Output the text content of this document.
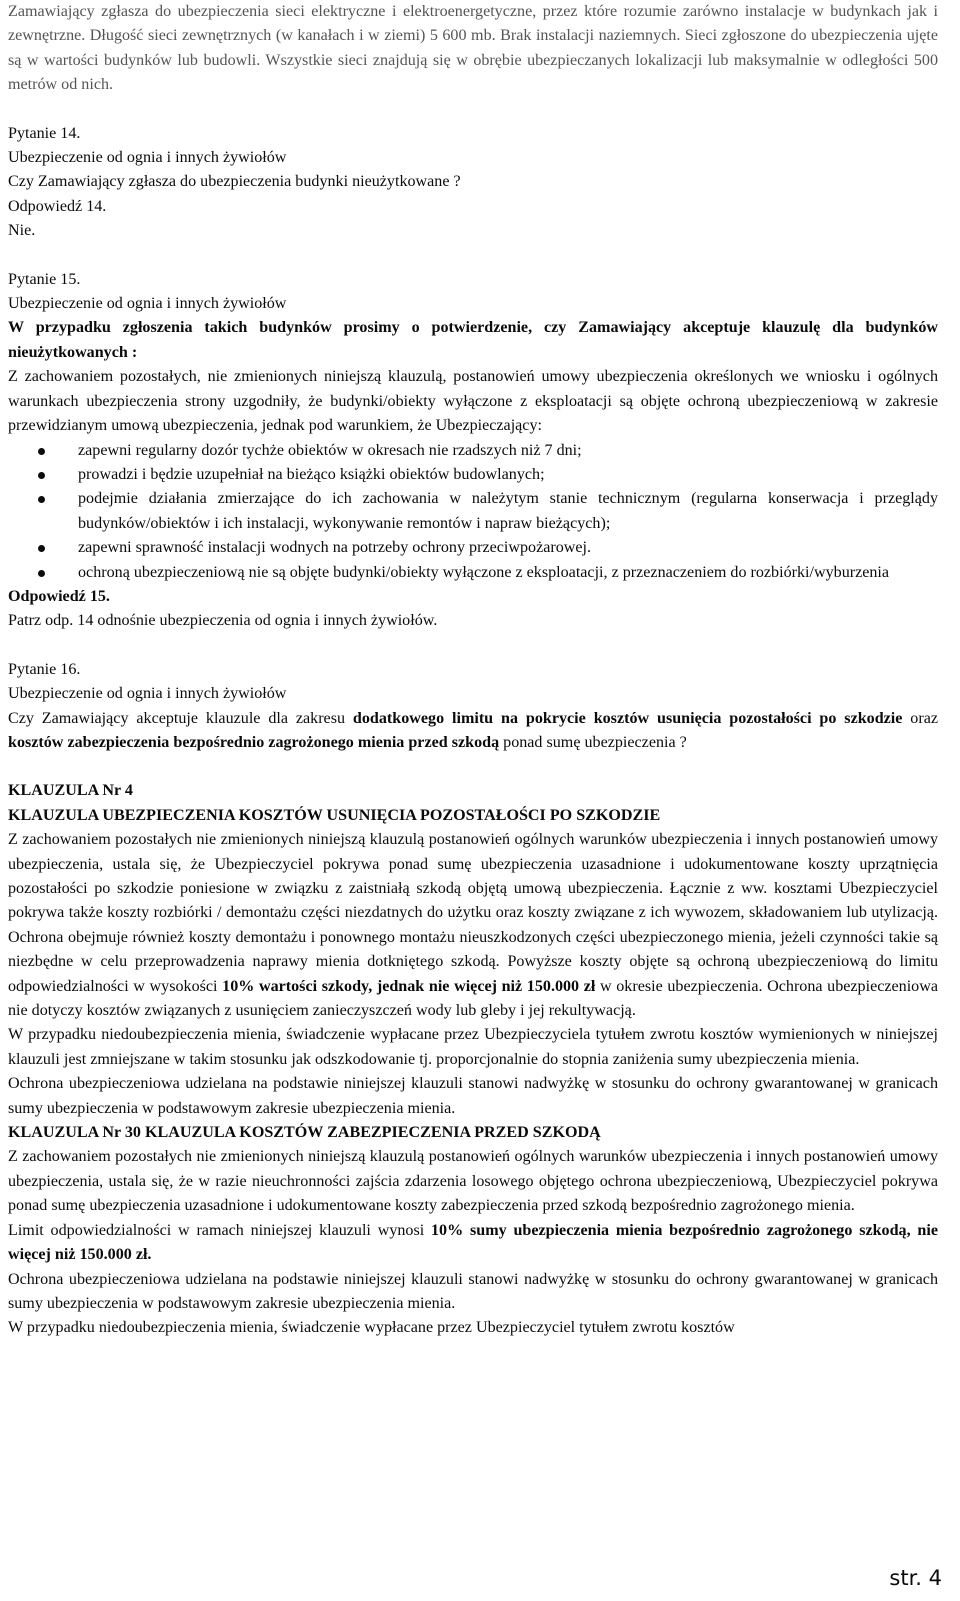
Zamawiający zgłasza do ubezpieczenia sieci elektryczne i elektroenergetyczne, przez które rozumie zarówno instalacje w budynkach jak i zewnętrzne. Długość sieci zewnętrznych (w kanałach i w ziemi) 5 600 mb. Brak instalacji naziemnych. Sieci zgłoszone do ubezpieczenia ujęte są w wartości budynków lub budowli. Wszystkie sieci znajdują się w obrębie ubezpieczanych lokalizacji lub maksymalnie w odległości 500 metrów od nich.

Pytanie 14.

Ubezpieczenie od ognia i innych żywiołów

Czy Zamawiający zgłasza do ubezpieczenia budynki nieużytkowane ?

Odpowiedź 14.

Nie.

Pytanie 15.

Ubezpieczenie od ognia i innych żywiołów

W przypadku zgłoszenia takich budynków prosimy o potwierdzenie, czy Zamawiający akceptuje klauzulę dla budynków nieużytkowanych :

Z zachowaniem pozostałych, nie zmienionych niniejszą klauzulą, postanowień umowy ubezpieczenia określonych we wniosku i ogólnych warunkach ubezpieczenia strony uzgodniły, że budynki/obiekty wyłączone z eksploatacji są objęte ochroną ubezpieczeniową w zakresie przewidzianym umową ubezpieczenia, jednak pod warunkiem, że Ubezpieczający:

zapewni regularny dozór tychże obiektów w okresach nie rzadszych niż 7 dni;
prowadzi i będzie uzupełniał na bieżąco książki obiektów budowlanych;
podejmie działania zmierzające do ich zachowania w należytym stanie technicznym (regularna konserwacja i przeglądy budynków/obiektów i ich instalacji, wykonywanie remontów i napraw bieżących);
zapewni sprawność instalacji wodnych na potrzeby ochrony przeciwpożarowej.
ochroną ubezpieczeniową nie są objęte budynki/obiekty wyłączone z eksploatacji, z przeznaczeniem do rozbiórki/wyburzenia

Odpowiedź 15.

Patrz odp. 14 odnośnie ubezpieczenia od ognia i innych żywiołów.

Pytanie 16.

Ubezpieczenie od ognia i innych żywiołów

Czy Zamawiający akceptuje klauzule dla zakresu dodatkowego limitu na pokrycie kosztów usunięcia pozostałości po szkodzie oraz kosztów zabezpieczenia bezpośrednio zagrożonego mienia przed szkodą ponad sumę ubezpieczenia ?

KLAUZULA Nr 4

KLAUZULA UBEZPIECZENIA KOSZTÓW USUNIĘCIA POZOSTAŁOŚCI PO SZKODZIE

Z zachowaniem pozostałych nie zmienionych niniejszą klauzulą postanowień ogólnych warunków ubezpieczenia i innych postanowień umowy ubezpieczenia, ustala się, że Ubezpieczyciel pokrywa ponad sumę ubezpieczenia uzasadnione i udokumentowane koszty uprzątnięcia pozostałości po szkodzie poniesione w związku z zaistniałą szkodą objętą umową ubezpieczenia. Łącznie z ww. kosztami Ubezpieczyciel pokrywa także koszty rozbiórki / demontażu części niezdatnych do użytku oraz koszty związane z ich wywozem, składowaniem lub utylizacją. Ochrona obejmuje również koszty demontażu i ponownego montażu nieuszkodzonych części ubezpieczonego mienia, jeżeli czynności takie są niezbędne w celu przeprowadzenia naprawy mienia dotkniętego szkodą. Powyższe koszty objęte są ochroną ubezpieczeniową do limitu odpowiedzialności w wysokości 10% wartości szkody, jednak nie więcej niż 150.000 zł w okresie ubezpieczenia. Ochrona ubezpieczeniowa nie dotyczy kosztów związanych z usunięciem zanieczyszczeń wody lub gleby i jej rekultywacją.

W przypadku niedoubezpieczenia mienia, świadczenie wypłacane przez Ubezpieczyciela tytułem zwrotu kosztów wymienionych w niniejszej klauzuli jest zmniejszane w takim stosunku jak odszkodowanie tj. proporcjonalnie do stopnia zaniżenia sumy ubezpieczenia mienia.

Ochrona ubezpieczeniowa udzielana na podstawie niniejszej klauzuli stanowi nadwyżkę w stosunku do ochrony gwarantowanej w granicach sumy ubezpieczenia w podstawowym zakresie ubezpieczenia mienia.

KLAUZULA Nr 30 KLAUZULA KOSZTÓW ZABEZPIECZENIA PRZED SZKODĄ

Z zachowaniem pozostałych nie zmienionych niniejszą klauzulą postanowień ogólnych warunków ubezpieczenia i innych postanowień umowy ubezpieczenia, ustala się, że w razie nieuchronności zajścia zdarzenia losowego objętego ochrona ubezpieczeniową, Ubezpieczyciel pokrywa ponad sumę ubezpieczenia uzasadnione i udokumentowane koszty zabezpieczenia przed szkodą bezpośrednio zagrożonego mienia.

Limit odpowiedzialności w ramach niniejszej klauzuli wynosi 10% sumy ubezpieczenia mienia bezpośrednio zagrożonego szkodą, nie więcej niż 150.000 zł.

Ochrona ubezpieczeniowa udzielana na podstawie niniejszej klauzuli stanowi nadwyżkę w stosunku do ochrony gwarantowanej w granicach sumy ubezpieczenia w podstawowym zakresie ubezpieczenia mienia.

W przypadku niedoubezpieczenia mienia, świadczenie wypłacane przez Ubezpieczyciel tytułem zwrotu kosztów

str. 4
